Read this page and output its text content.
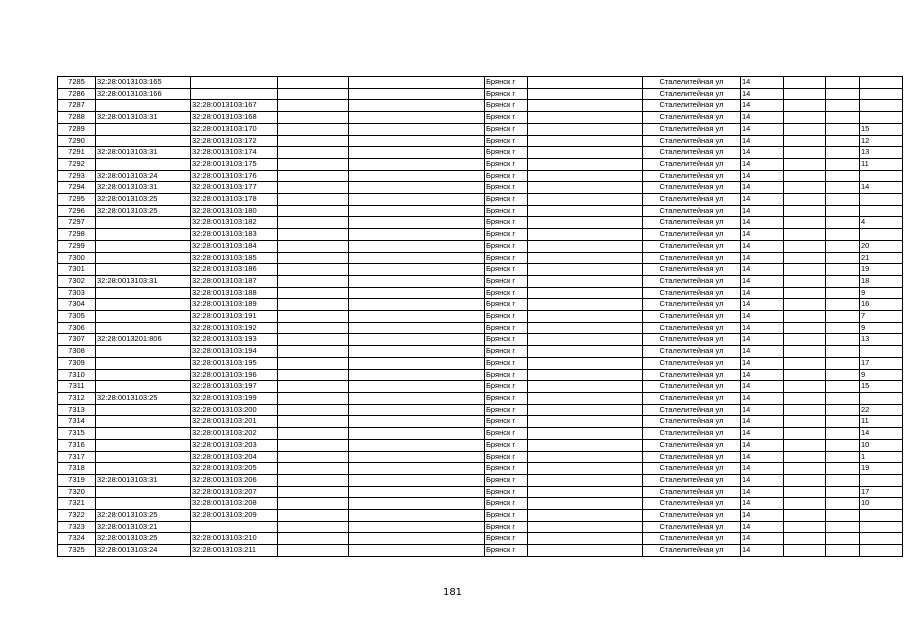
7285	32:28:0013103:165				Брянск г		Сталелитейная ул	14			
7286	32:28:0013103:166				Брянск г		Сталелитейная ул	14			
7287		32:28:0013103:167			Брянск г		Сталелитейная ул	14			
7288	32:28:0013103:31	32:28:0013103:168			Брянск г		Сталелитейная ул	14			
7289		32:28:0013103:170			Брянск г		Сталелитейная ул	14			15
7290		32:28:0013103:172			Брянск г		Сталелитейная ул	14			12
7291	32:28:0013103:31	32:28:0013103:174			Брянск г		Сталелитейная ул	14			13
7292		32:28:0013103:175			Брянск г		Сталелитейная ул	14			11
7293	32:28:0013103:24	32:28:0013103:176			Брянск г		Сталелитейная ул	14			
7294	32:28:0013103:31	32:28:0013103:177			Брянск г		Сталелитейная ул	14			14
7295	32:28:0013103:25	32:28:0013103:178			Брянск г		Сталелитейная ул	14			
7296	32:28:0013103:25	32:28:0013103:180			Брянск г		Сталелитейная ул	14			
7297		32:28:0013103:182			Брянск г		Сталелитейная ул	14			4
7298		32:28:0013103:183			Брянск г		Сталелитейная ул	14			
7299		32:28:0013103:184			Брянск г		Сталелитейная ул	14			20
7300		32:28:0013103:185			Брянск г		Сталелитейная ул	14			21
7301		32:28:0013103:186			Брянск г		Сталелитейная ул	14			19
7302	32:28:0013103:31	32:28:0013103:187			Брянск г		Сталелитейная ул	14			18
7303		32:28:0013103:188			Брянск г		Сталелитейная ул	14			9
7304		32:28:0013103:189			Брянск г		Сталелитейная ул	14			16
7305		32:28:0013103:191			Брянск г		Сталелитейная ул	14			7
7306		32:28:0013103:192			Брянск г		Сталелитейная ул	14			9
7307	32:28:0013201:806	32:28:0013103:193			Брянск г		Сталелитейная ул	14			13
7308		32:28:0013103:194			Брянск г		Сталелитейная ул	14			
7309		32:28:0013103:195			Брянск г		Сталелитейная ул	14			17
7310		32:28:0013103:196			Брянск г		Сталелитейная ул	14			9
7311		32:28:0013103:197			Брянск г		Сталелитейная ул	14			15
7312	32:28:0013103:25	32:28:0013103:199			Брянск г		Сталелитейная ул	14			
7313		32:28:0013103:200			Брянск г		Сталелитейная ул	14			22
7314		32:28:0013103:201			Брянск г		Сталелитейная ул	14			11
7315		32:28:0013103:202			Брянск г		Сталелитейная ул	14			14
7316		32:28:0013103:203			Брянск г		Сталелитейная ул	14			10
7317		32:28:0013103:204			Брянск г		Сталелитейная ул	14			1
7318		32:28:0013103:205			Брянск г		Сталелитейная ул	14			19
7319	32:28:0013103:31	32:28:0013103:206			Брянск г		Сталелитейная ул	14			
7320		32:28:0013103:207			Брянск г		Сталелитейная ул	14			17
7321		32:28:0013103:208			Брянск г		Сталелитейная ул	14			10
7322	32:28:0013103:25	32:28:0013103:209			Брянск г		Сталелитейная ул	14			
7323	32:28:0013103:21				Брянск г		Сталелитейная ул	14			
7324	32:28:0013103:25	32:28:0013103:210			Брянск г		Сталелитейная ул	14			
7325	32:28:0013103:24	32:28:0013103:211			Брянск г		Сталелитейная ул	14			
181
